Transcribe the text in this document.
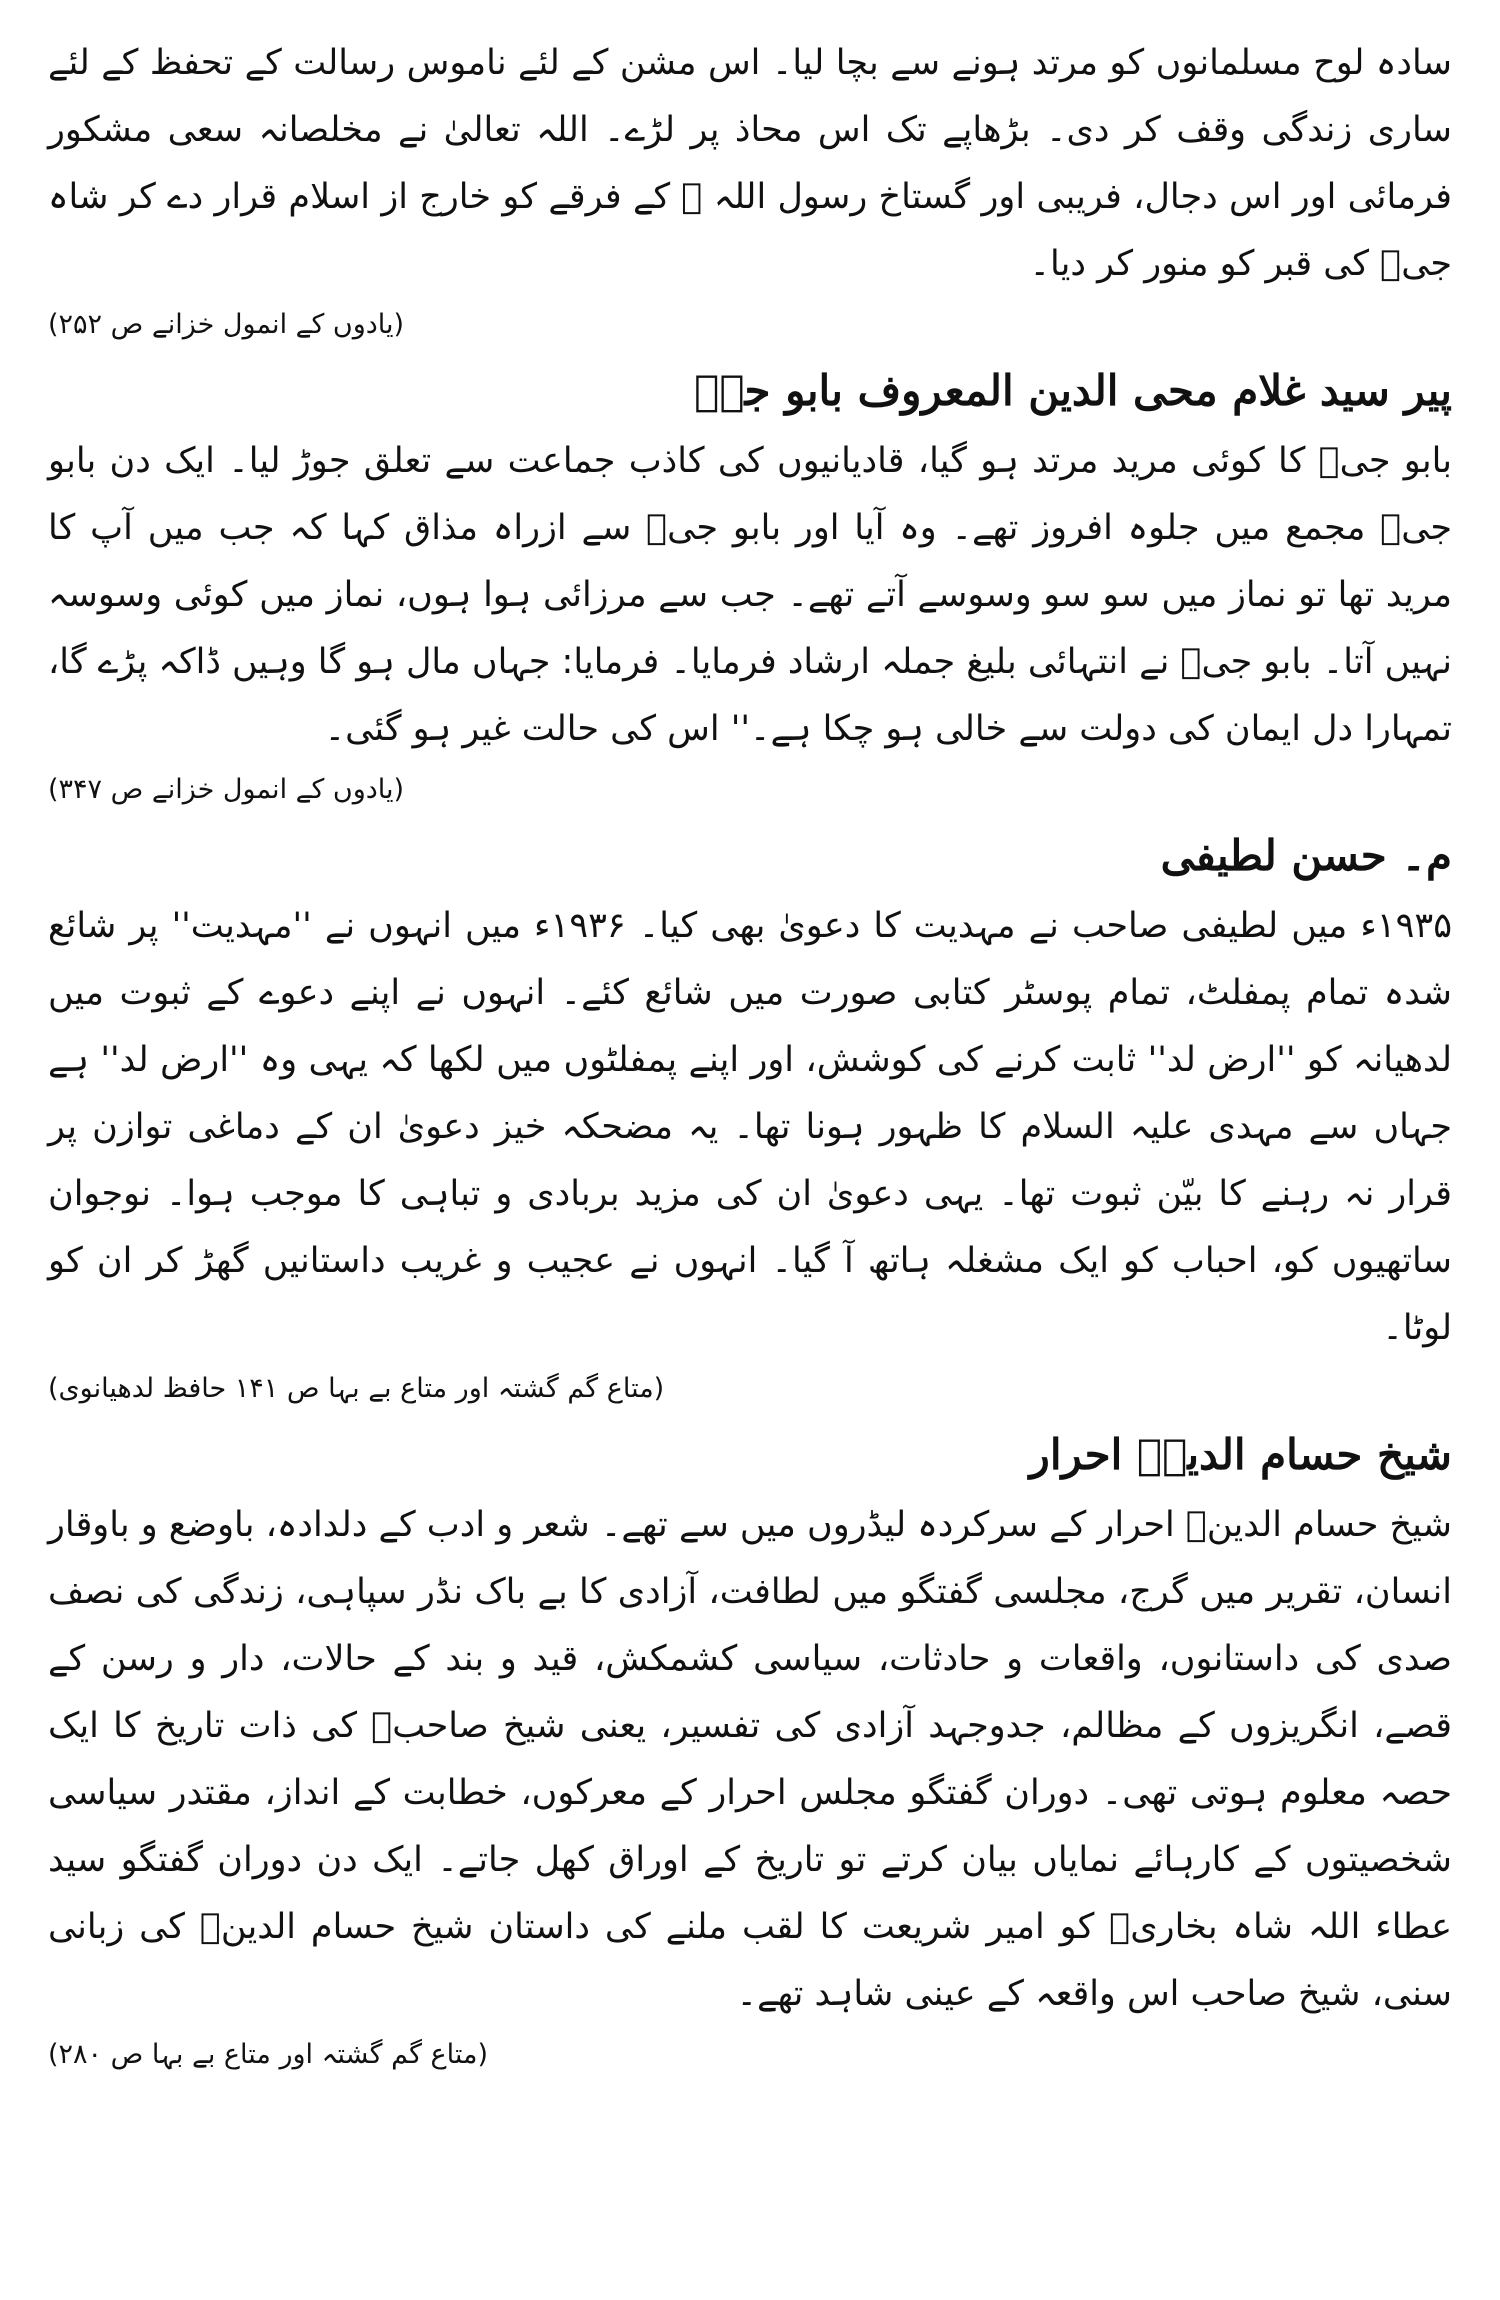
سادہ لوح مسلمانوں کو مرتد ہونے سے بچا لیا۔ اس مشن کے لئے ناموس رسالت کے تحفظ کے لئے ساری زندگی وقف کر دی۔ بڑھاپے تک اس محاذ پر لڑے۔ اللہ تعالیٰ نے مخلصانہ سعی مشکور فرمائی اور اس دجال، فریبی اور گستاخ رسول اللہ ﷺ کے فرقے کو خارج از اسلام قرار دے کر شاہ جیؒ کی قبر کو منور کر دیا۔

(یادوں کے انمول خزانے ص ۲۵۲)
پیر سید غلام محی الدین المعروف بابو جیؒ

بابو جیؒ کا کوئی مرید مرتد ہو گیا، قادیانیوں کی کاذب جماعت سے تعلق جوڑ لیا۔ ایک دن بابو جیؒ مجمع میں جلوہ افروز تھے۔ وہ آیا اور بابو جیؒ سے ازراہ مذاق کہا کہ جب میں آپ کا مرید تھا تو نماز میں سو سو وسوسے آتے تھے۔ جب سے مرزائی ہوا ہوں، نماز میں کوئی وسوسہ نہیں آتا۔ بابو جیؒ نے انتہائی بلیغ جملہ ارشاد فرمایا۔ فرمایا: جہاں مال ہو گا وہیں ڈاکہ پڑے گا، تمہارا دل ایمان کی دولت سے خالی ہو چکا ہے۔'' اس کی حالت غیر ہو گئی۔

(یادوں کے انمول خزانے ص ۳۴۷)
م۔ حسن لطیفی

۱۹۳۵ء میں لطیفی صاحب نے مہدیت کا دعویٰ بھی کیا۔ ۱۹۳۶ء میں انہوں نے ''مہدیت'' پر شائع شدہ تمام پمفلٹ، تمام پوسٹر کتابی صورت میں شائع کئے۔ انہوں نے اپنے دعوے کے ثبوت میں لدھیانہ کو ''ارض لد'' ثابت کرنے کی کوشش، اور اپنے پمفلٹوں میں لکھا کہ یہی وہ ''ارض لد'' ہے جہاں سے مہدی علیہ السلام کا ظہور ہونا تھا۔ یہ مضحکہ خیز دعویٰ ان کے دماغی توازن پر قرار نہ رہنے کا بیّن ثبوت تھا۔ یہی دعویٰ ان کی مزید بربادی و تباہی کا موجب ہوا۔ نوجوان ساتھیوں کو، احباب کو ایک مشغلہ ہاتھ آ گیا۔ انہوں نے عجیب و غریب داستانیں گھڑ کر ان کو لوٹا۔

(متاع گم گشتہ اور متاع بے بہا ص ۱۴۱ حافظ لدھیانوی)
شیخ حسام الدینؒ احرار

شیخ حسام الدینؒ احرار کے سرکردہ لیڈروں میں سے تھے۔ شعر و ادب کے دلدادہ، باوضع و باوقار انسان، تقریر میں گرج، مجلسی گفتگو میں لطافت، آزادی کا بے باک نڈر سپاہی، زندگی کی نصف صدی کی داستانوں، واقعات و حادثات، سیاسی کشمکش، قید و بند کے حالات، دار و رسن کے قصے، انگریزوں کے مظالم، جدوجہد آزادی کی تفسیر، یعنی شیخ صاحبؒ کی ذات تاریخ کا ایک حصہ معلوم ہوتی تھی۔ دوران گفتگو مجلس احرار کے معرکوں، خطابت کے انداز، مقتدر سیاسی شخصیتوں کے کارہائے نمایاں بیان کرتے تو تاریخ کے اوراق کھل جاتے۔ ایک دن دوران گفتگو سید عطاء اللہ شاہ بخاریؒ کو امیر شریعت کا لقب ملنے کی داستان شیخ حسام الدینؒ کی زبانی سنی، شیخ صاحب اس واقعہ کے عینی شاہد تھے۔

(متاع گم گشتہ اور متاع بے بہا ص ۲۸۰)
